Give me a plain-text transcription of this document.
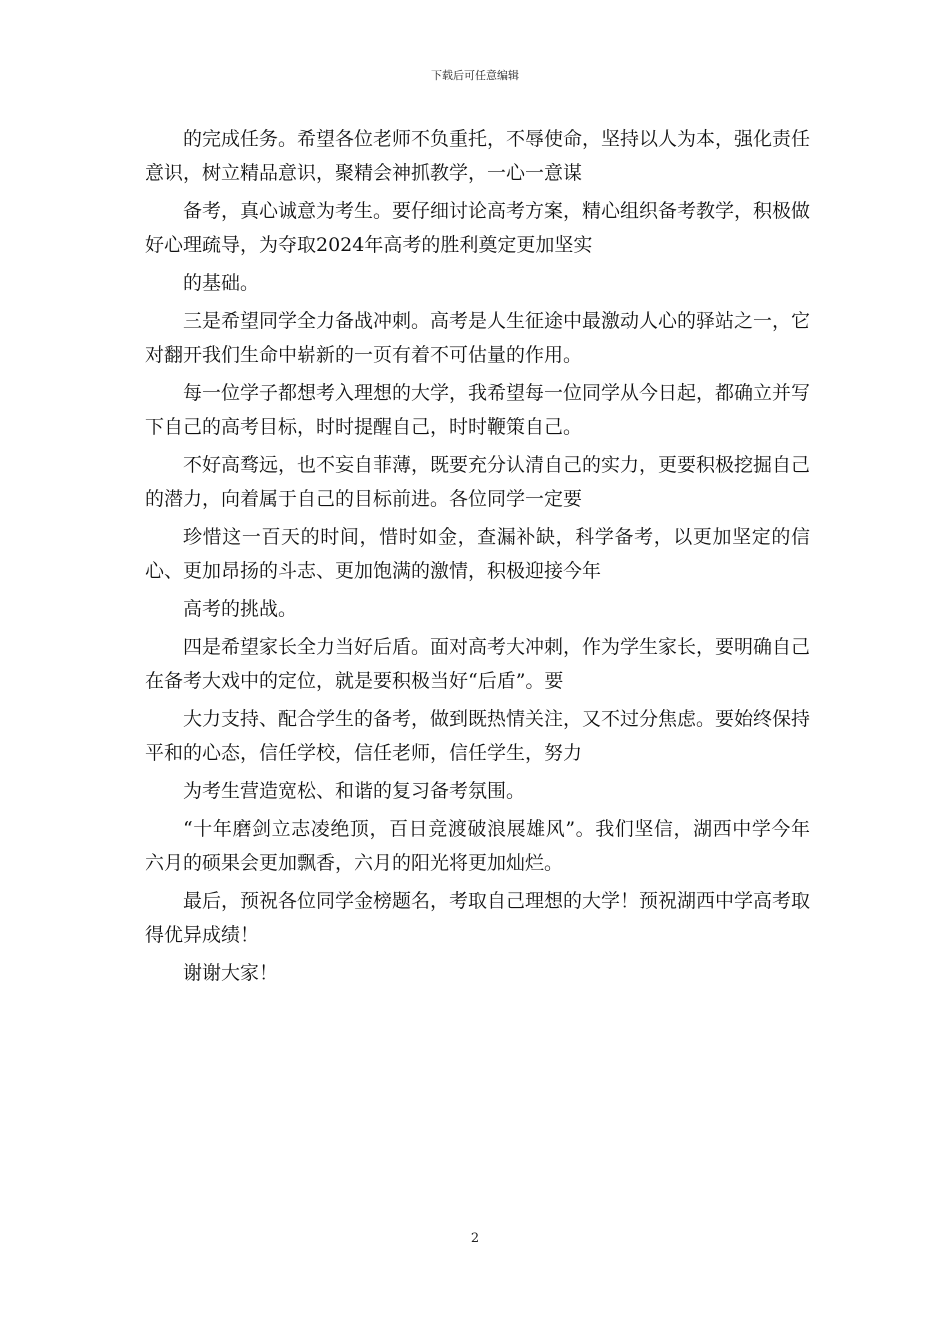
下载后可任意编辑

的完成任务。希望各位老师不负重托，不辱使命，坚持以人为本，强化责任意识，树立精品意识，聚精会神抓教学，一心一意谋

备考，真心诚意为考生。要仔细讨论高考方案，精心组织备考教学，积极做好心理疏导，为夺取2024年高考的胜利奠定更加坚实

的基础。

三是希望同学全力备战冲刺。高考是人生征途中最激动人心的驿站之一，它对翻开我们生命中崭新的一页有着不可估量的作用。

每一位学子都想考入理想的大学，我希望每一位同学从今日起，都确立并写下自己的高考目标，时时提醒自己，时时鞭策自己。

不好高骛远，也不妄自菲薄，既要充分认清自己的实力，更要积极挖掘自己的潜力，向着属于自己的目标前进。各位同学一定要

珍惜这一百天的时间，惜时如金，查漏补缺，科学备考，以更加坚定的信心、更加昂扬的斗志、更加饱满的激情，积极迎接今年

高考的挑战。

四是希望家长全力当好后盾。面对高考大冲刺，作为学生家长，要明确自己在备考大戏中的定位，就是要积极当好“后盾”。要

大力支持、配合学生的备考，做到既热情关注，又不过分焦虑。要始终保持平和的心态，信任学校，信任老师，信任学生，努力

为考生营造宽松、和谐的复习备考氛围。

“十年磨剑立志凌绝顶，百日竞渡破浪展雄风”。我们坚信，湖西中学今年六月的硕果会更加飘香，六月的阳光将更加灿烂。

最后，预祝各位同学金榜题名，考取自己理想的大学！预祝湖西中学高考取得优异成绩！

谢谢大家！

2
